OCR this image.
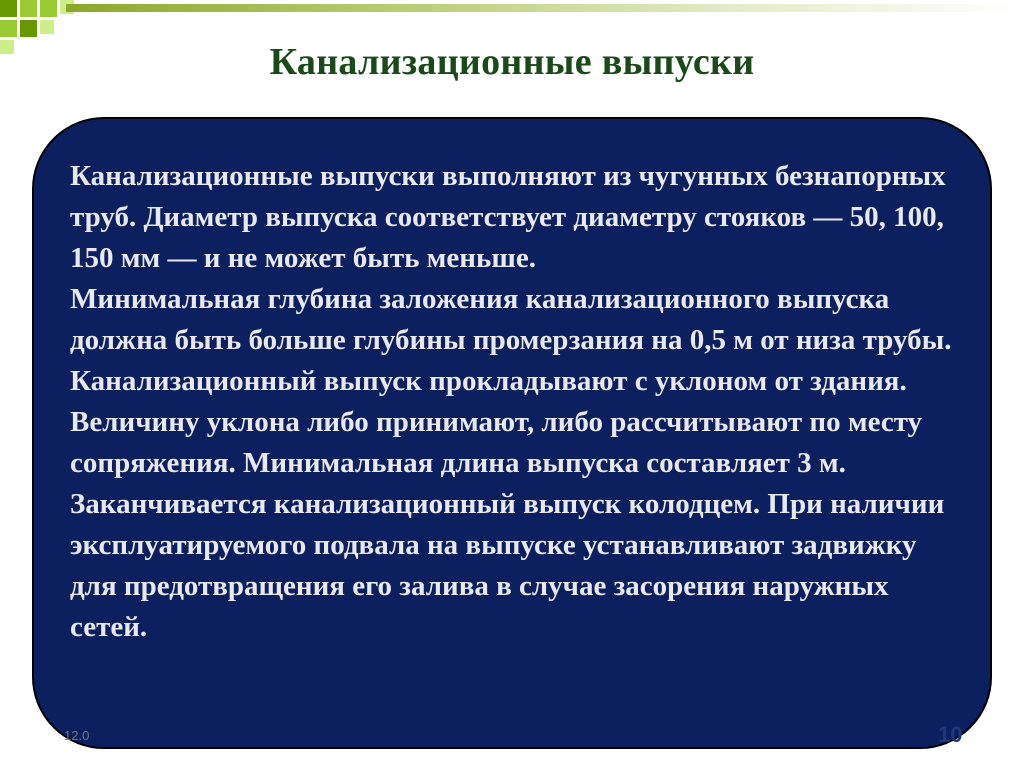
Канализационные выпуски

Канализационные выпуски выполняют из чугунных безнапорных труб. Диаметр выпуска соответствует диаметру стояков — 50, 100, 150 мм — и не может быть меньше.

Минимальная глубина заложения канализационного выпуска должна быть больше глубины промерзания на 0,5 м от низа трубы. Канализационный выпуск прокладывают с уклоном от здания. Величину уклона либо принимают, либо рассчитывают по месту сопряжения. Минимальная длина выпуска составляет 3 м. Заканчивается канализационный выпуск колодцем. При наличии эксплуатируемого подвала на выпуске устанавливают задвижку для предотвращения его залива в случае засорения наружных сетей.

12.0	10
